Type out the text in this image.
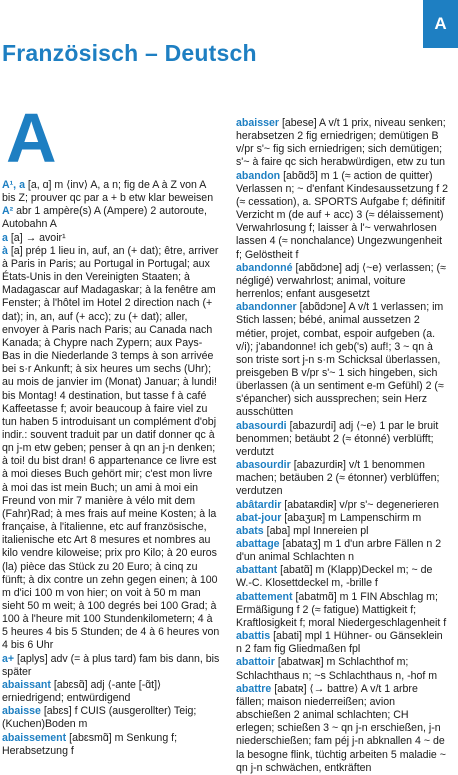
A
Französisch – Deutsch
A
A¹, a [a, ɑ] m ⟨inv⟩ A, a n; fig de A à Z von A bis Z; prouver qc par a + b etw klar beweisen
A² abr 1 ampère(s) A (Ampere) 2 autoroute, Autobahn A
a [a] → avoir¹
à [a] prép 1 lieu in, auf, an (+ dat); être, arriver à Paris in Paris; au Portugal in Portugal; aux États-Unis in den Vereinigten Staaten; à Madagascar auf Madagaskar; à la fenêtre am Fenster; à l'hôtel im Hotel 2 direction nach (+ dat); in, an, auf (+ acc); zu (+ dat); aller, envoyer à Paris nach Paris; au Canada nach Kanada; à Chypre nach Zypern; aux Pays-Bas in die Niederlande 3 temps à son arrivée bei s·r Ankunft; à six heures um sechs (Uhr); au mois de janvier im (Monat) Januar; à lundi! bis Montag! 4 destination, but tasse f à café Kaffeetasse f; avoir beaucoup à faire viel zu tun haben 5 introduisant un complément d'obj indir.: souvent traduit par un datif donner qc à qn j-m etw geben; penser à qn an j-n denken; à toi! du bist dran! 6 appartenance ce livre est à moi dieses Buch gehört mir; c'est mon livre à moi das ist mein Buch; un ami à moi ein Freund von mir 7 manière à vélo mit dem (Fahr)Rad; à mes frais auf meine Kosten; à la française, à l'italienne, etc auf französische, italienische etc Art 8 mesures et nombres au kilo vendre kiloweise; prix pro Kilo; à 20 euros (la) pièce das Stück zu 20 Euro; à cinq zu fünft; à dix contre un zehn gegen einen; à 100 m d'ici 100 m von hier; on voit à 50 m man sieht 50 m weit; à 100 degrés bei 100 Grad; à 100 à l'heure mit 100 Stundenkilometern; 4 à 5 heures 4 bis 5 Stunden; de 4 à 6 heures von 4 bis 6 Uhr
a+ [aplys] adv (= à plus tard) fam bis dann, bis später
abaissant [abɛsɑ̃] adj ⟨-ante [-ɑ̃t]⟩ erniedrigend; entwürdigend
abaisse [abɛs] f CUIS (ausgerollter) Teig; (Kuchen)Boden m
abaissement [abɛsmɑ̃] m Senkung f; Herabsetzung f
abaisser [abese] A v/t 1 prix, niveau senken; herabsetzen 2 fig erniedrigen; demütigen B v/pr s'~ fig sich erniedrigen; sich demütigen; s'~ à faire qc sich herabwürdigen, etw zu tun
abandon [abɑ̃dɔ̃] m 1 (≈ action de quitter) Verlassen n; ~ d'enfant Kindesaussetzung f 2 (≈ cessation), a. SPORTS Aufgabe f; définitif Verzicht m (de auf + acc) 3 (≈ délaissement) Verwahrlosung f; laisser à l'~ verwahrlosen lassen 4 (≈ nonchalance) Ungezwungenheit f; Gelöstheit f
abandonné [abɑ̃dɔne] adj ⟨~e⟩ verlassen; (≈ négligé) verwahrlost; animal, voiture herrenlos; enfant ausgesetzt
abandonner [abɑ̃dɔne] A v/t 1 verlassen; im Stich lassen; bébé, animal aussetzen 2 métier, projet, combat, espoir aufgeben (a. v/i); j'abandonne! ich geb('s) auf!; 3 ~ qn à son triste sort j-n s·m Schicksal überlassen, preisgeben B v/pr s'~ 1 sich hingeben, sich überlassen (à un sentiment e-m Gefühl) 2 (≈ s'épancher) sich aussprechen; sein Herz ausschütten
abasourdi [abazurdi] adj ⟨~e⟩ 1 par le bruit benommen; betäubt 2 (≈ étonné) verblüfft; verdutzt
abasourdir [abazurdiʀ] v/t 1 benommen machen; betäuben 2 (≈ étonner) verblüffen; verdutzen
abâtardir [abataʀdiʀ] v/pr s'~ degenerieren
abat-jour [abaʒuʀ] m Lampenschirm m
abats [aba] mpl Innereien pl
abattage [abataʒ] m 1 d'un arbre Fällen n 2 d'un animal Schlachten n
abattant [abatɑ̃] m (Klapp)Deckel m; ~ de W.-C. Klosettdeckel m, -brille f
abattement [abatmɑ̃] m 1 FIN Abschlag m; Ermäßigung f 2 (≈ fatigue) Mattigkeit f; Kraftlosigkeit f; moral Niedergeschlagenheit f
abattis [abati] mpl 1 Hühner- ou Gänseklein n 2 fam fig Gliedmaßen fpl
abattoir [abatwaʀ] m Schlachthof m; Schlachthaus n; ~s Schlachthaus n, -hof m
abattre [abatʀ] ⟨→ battre⟩ A v/t 1 arbre fällen; maison niederreißen; avion abschießen 2 animal schlachten; CH erlegen; schießen 3 ~ qn j-n erschießen, j-n niederschießen; fam péj j-n abknallen 4 ~ de la besogne flink, tüchtig arbeiten 5 maladie ~ qn j-n schwächen, entkräften
